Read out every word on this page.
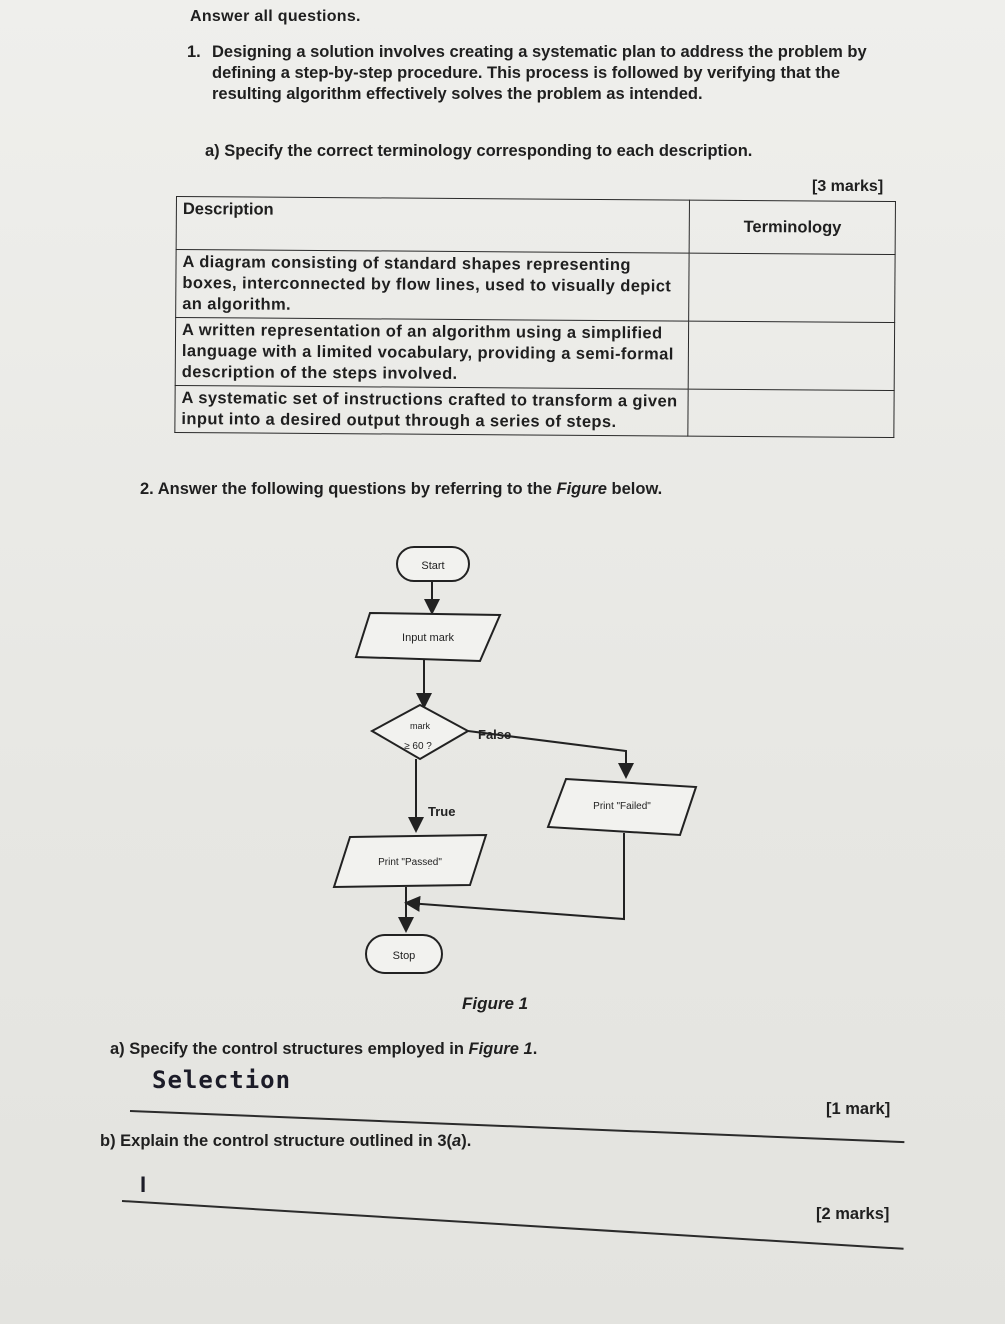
Answer all questions.
1. Designing a solution involves creating a systematic plan to address the problem by defining a step-by-step procedure. This process is followed by verifying that the resulting algorithm effectively solves the problem as intended.
a) Specify the correct terminology corresponding to each description.
[3 marks]
Description	Terminology
A diagram consisting of standard shapes representing boxes, interconnected by flow lines, used to visually depict an algorithm.	
A written representation of an algorithm using a simplified language with a limited vocabulary, providing a semi-formal description of the steps involved.	
A systematic set of instructions crafted to transform a given input into a desired output through a series of steps.	
2. Answer the following questions by referring to the Figure below.
Start
Input mark
mark
≥ 60 ?
False
True	Print "Failed"
Print "Passed"
Stop
Figure 1
a) Specify the control structures employed in Figure 1.
Selection
[1 mark]
b) Explain the control structure outlined in 3(a).
I
[2 marks]
